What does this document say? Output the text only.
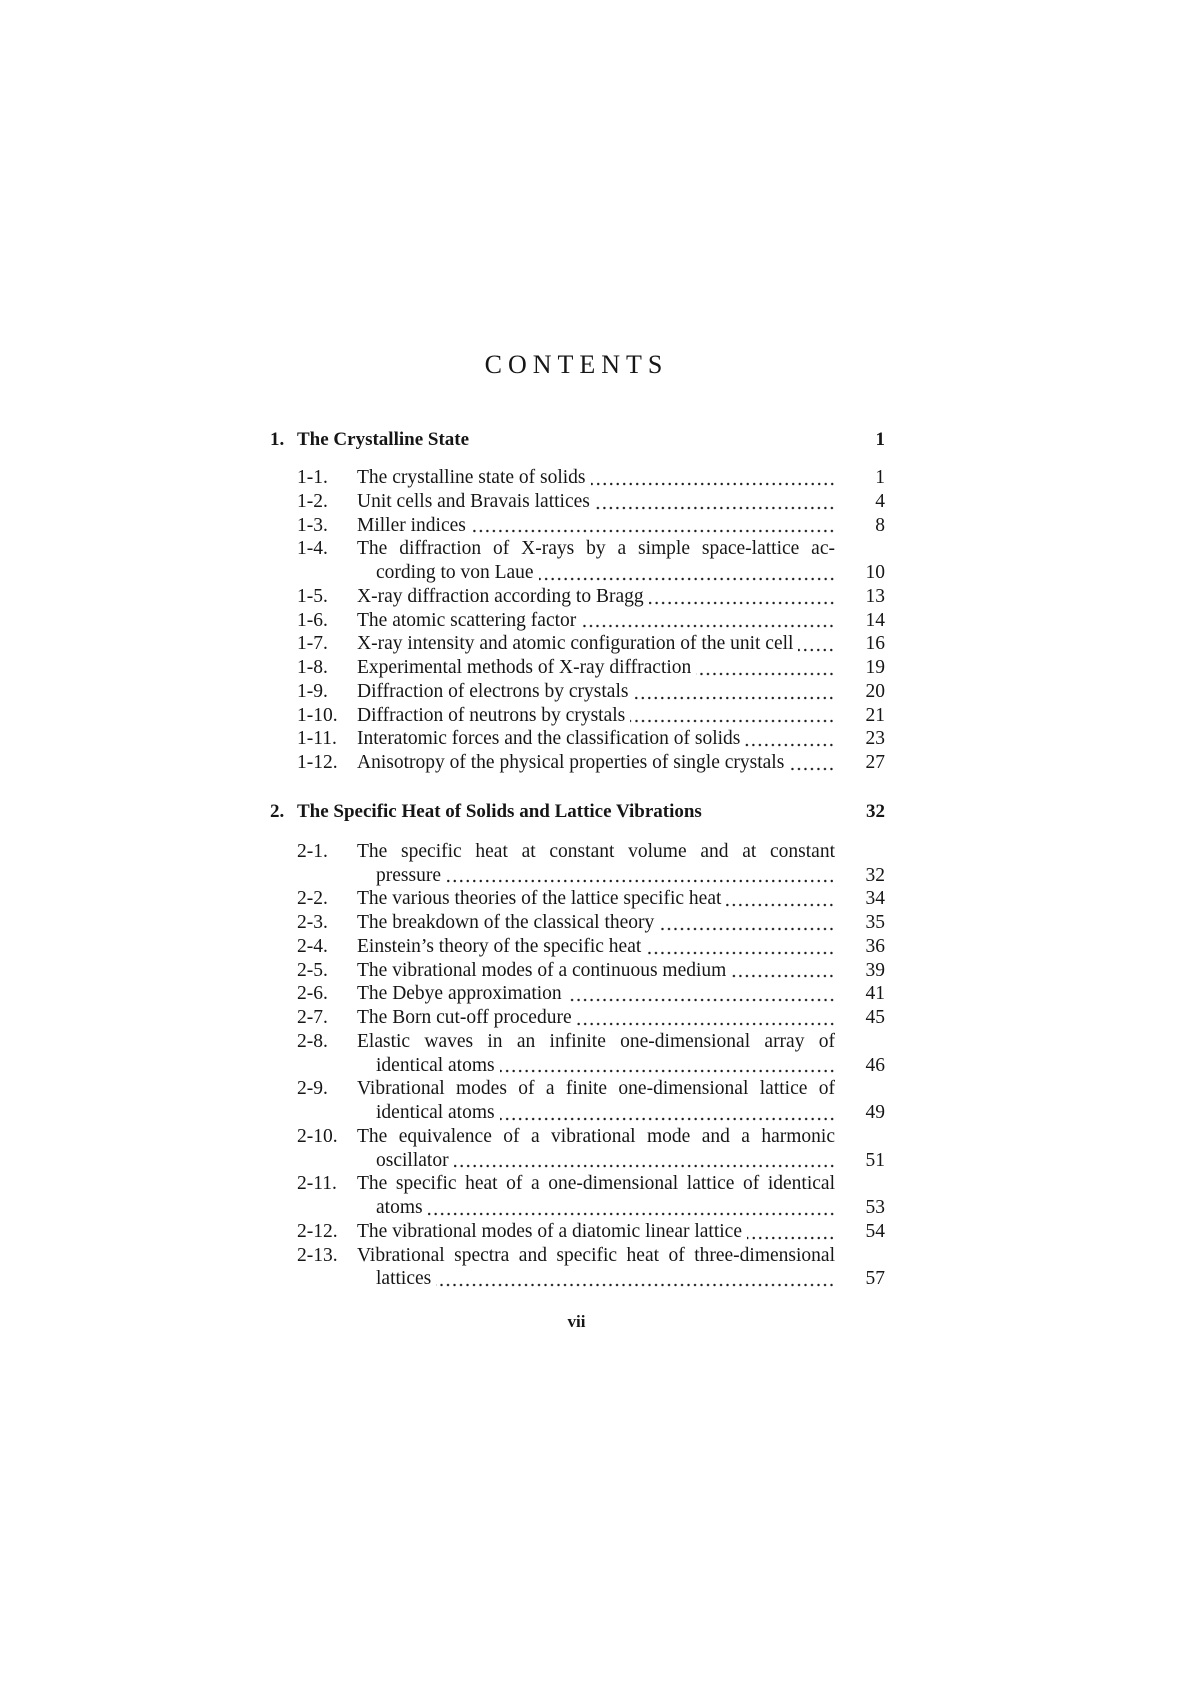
CONTENTS
1. The Crystalline State	1
1-1.	The crystalline state of solids	1
1-2.	Unit cells and Bravais lattices	4
1-3.	Miller indices	8
1-4.	The diffraction of X-rays by a simple space-lattice ac-
cording to von Laue	10
1-5.	X-ray diffraction according to Bragg	13
1-6.	The atomic scattering factor	14
1-7.	X-ray intensity and atomic configuration of the unit cell	16
1-8.	Experimental methods of X-ray diffraction	19
1-9.	Diffraction of electrons by crystals	20
1-10. Diffraction of neutrons by crystals	21
1-11.	Interatomic forces and the classification of solids	23
1-12. Anisotropy of the physical properties of single crystals	27
2. The Specific Heat of Solids and Lattice Vibrations	32
2-1.	The specific heat at constant volume and at constant
pressure	32
2-2.	The various theories of the lattice specific heat	34
2-3.	The breakdown of the classical theory	35
2-4.	Einstein’s theory of the specific heat	36
2-5.	The vibrational modes of a continuous medium	39
2-6.	The Debye approximation	41
2-7.	The Born cut-off procedure	45
2-8.	Elastic waves in an infinite one-dimensional array of
identical atoms	46
2-9.	Vibrational modes of a finite one-dimensional lattice of
identical atoms	49
2-10. The equivalence of a vibrational mode and a harmonic
oscillator	51
2-11.	The specific heat of a one-dimensional lattice of identical
atoms	53
2-12. The vibrational modes of a diatomic linear lattice	54
2-13. Vibrational spectra and specific heat of three-dimensional
lattices	57
vii
